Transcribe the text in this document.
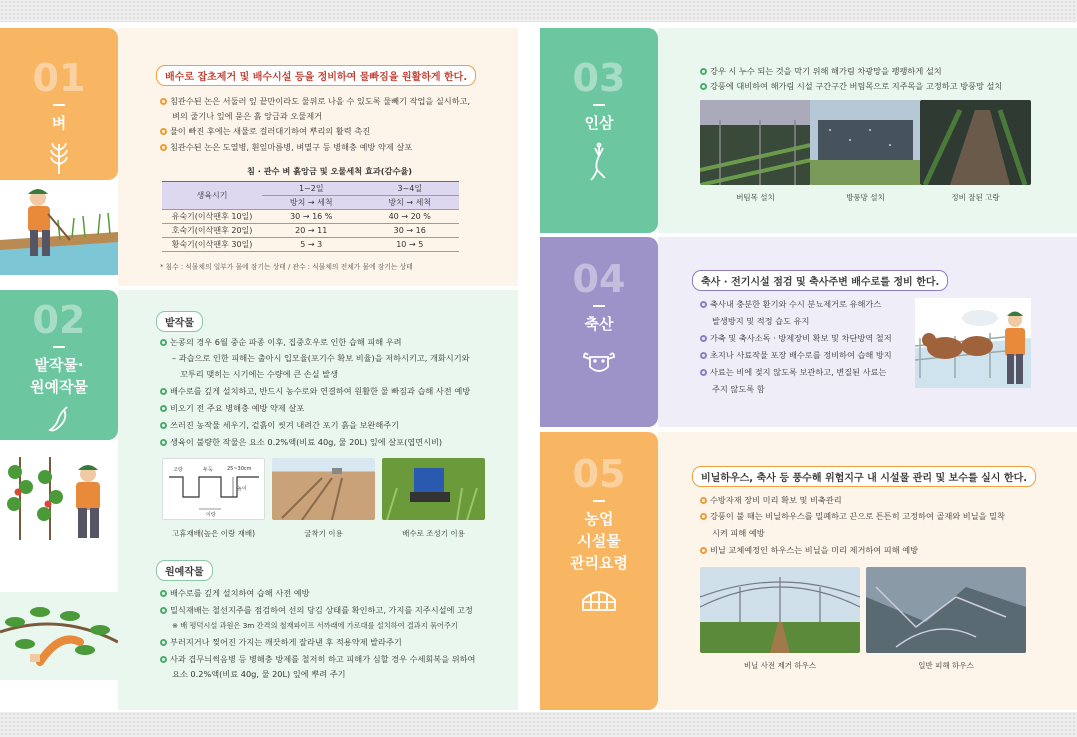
01
벼
02
밭작물·
원예작물
배수로 잡초제거 및 배수시설 등을 정비하여 물빠짐을 원활하게 한다.
침관수된 논은 서둘러 잎 끝만이라도 물위로 나올 수 있도록 물빼기 작업을 실시하고,
벼의 줄기나 잎에 묻은 흙 앙금과 오물제거
물이 빠진 후에는 새물로 걸러대기하여 뿌리의 활력 촉진
침관수된 논은 도열병, 흰잎마름병, 벼멸구 등 병해충 예방 약제 살포
침 · 관수 벼 흙앙금 및 오물세척 효과(감수율)
생육시기	1~2일	3~4일
	방치 → 세척	방치 → 세척
유숙기(이삭팬후 10일)	30 → 16 %	40 → 20 %
호숙기(이삭팬후 20일)	20 → 11	30 → 16
황숙기(이삭팬후 30일)	5 → 3	10 → 5
* 침수 : 식물체의 일부가 물에 잠기는 상태 / 관수 : 식물체의 전체가 물에 잠기는 상태
밭작물
논콩의 경우 6월 중순 파종 이후, 집중호우로 인한 습해 피해 우려
– 과습으로 인한 피해는 출아시 입모율(포기수 확보 비율)을 저하시키고, 개화시기와
꼬투리 맺히는 시기에는 수량에 큰 손실 발생
배수로를 깊게 설치하고, 반드시 농수로와 연결하여 원활한 물 빠짐과 습해 사전 예방
비오기 전 주요 병해충 예방 약제 살포
쓰러진 농작물 세우기, 겉흙이 씻겨 내려간 포기 흙을 보완해주기
생육이 불량한 작물은 요소 0.2%액(비료 40g, 물 20L) 잎에 살포(엽면시비)
고랑	두둑	25~30cm
높이
이랑
고휴재배(높은 이랑 재배)	굴착기 이용	배수로 조성기 이용
원예작물
배수로를 깊게 설치하여 습해 사전 예방
밀식재배는 철선지주를 점검하여 선의 당김 상태를 확인하고, 가지를 지주시설에 고정
※ 배 평덕시설 과원은 3m 간격의 철재파이프 서까래에 가로대를 설치하여 결과지 묶어주기
부러지거나 찢어진 가지는 깨끗하게 잘라낸 후 적용약제 발라주기
사과 겹무늬썩음병 등 병해충 방제를 철저히 하고 피해가 심할 경우 수세회복을 위하여
요소 0.2%액(비료 40g, 물 20L) 잎에 뿌려 주기
03
인삼
04
축산
05
농업
시설물
관리요령
강우 시 누수 되는 것을 막기 위해 해가림 차광망을 팽팽하게 설치
강풍에 대비하여 해가림 시설 구간구간 버팀목으로 지주목을 고정하고 방풍망 설치
버팀목 설치	방풍망 설치	정비 잘된 고랑
축사 · 전기시설 점검 및 축사주변 배수로를 정비 한다.
축사내 충분한 환기와 수시 분뇨제거로 유해가스
발생방지 및 적정 습도 유지
가축 및 축사소독 · 방제장비 확보 및 차단방역 철저
초지나 사료작물 포장 배수로를 정비하여 습해 방지
사료는 비에 젖지 않도록 보관하고, 변질된 사료는
주지 않도록 함
비닐하우스, 축사 등 풍수해 위험지구 내 시설물 관리 및 보수를 실시 한다.
수방자재 장비 미리 확보 및 비축관리
강풍이 불 때는 비닐하우스를 밀폐하고 끈으로 튼튼히 고정하여 골재와 비닐을 밀착
시켜 피해 예방
비닐 교체예정인 하우스는 비닐을 미리 제거하여 피해 예방
비닐 사전 제거 하우스	일반 피해 하우스
